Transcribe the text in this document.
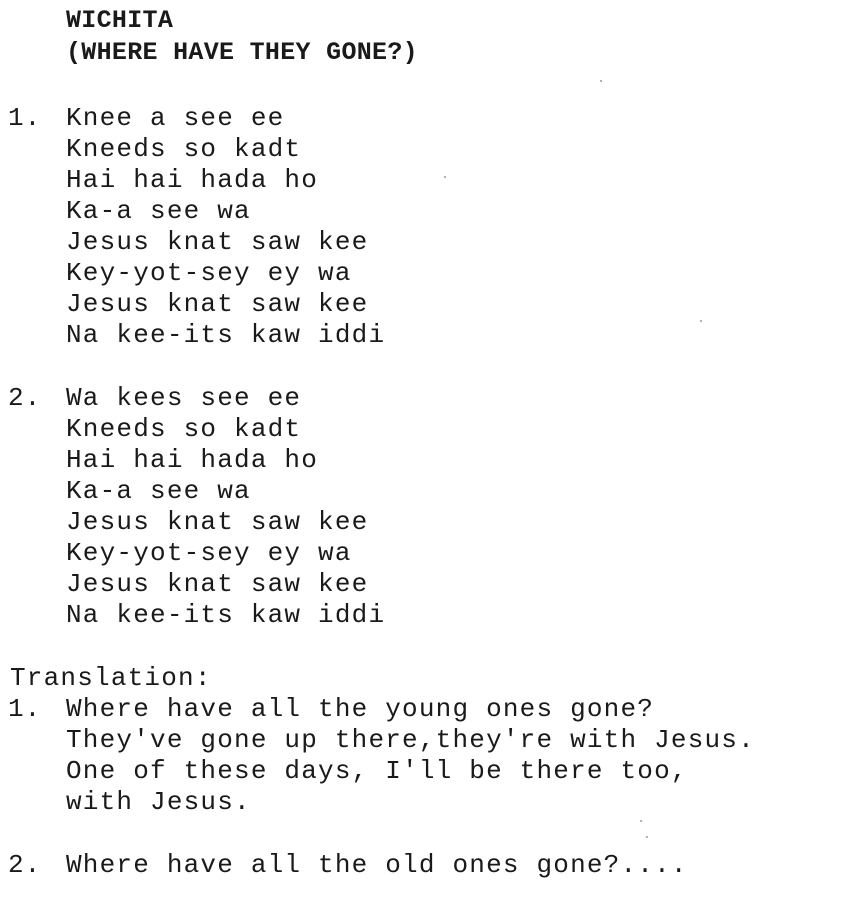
WICHITA
(WHERE HAVE THEY GONE?)
1. Knee a see ee
Kneeds so kadt
Hai hai hada ho
Ka-a see wa
Jesus knat saw kee
Key-yot-sey ey wa
Jesus knat saw kee
Na kee-its kaw iddi
2. Wa kees see ee
Kneeds so kadt
Hai hai hada ho
Ka-a see wa
Jesus knat saw kee
Key-yot-sey ey wa
Jesus knat saw kee
Na kee-its kaw iddi
Translation:
1. Where have all the young ones gone?
They've gone up there,they're with Jesus.
One of these days, I'll be there too,
with Jesus.
2. Where have all the old ones gone?....
